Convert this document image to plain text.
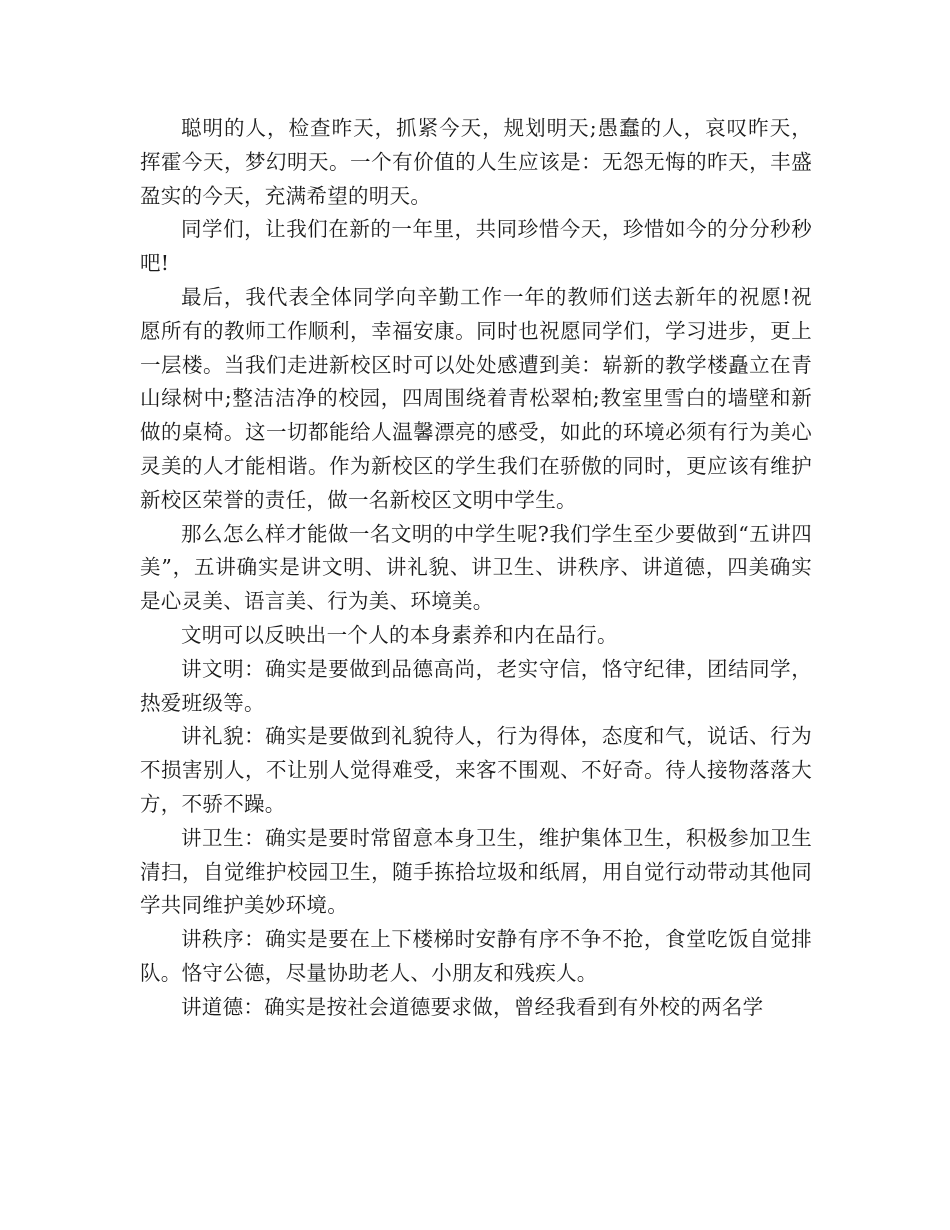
聪明的人，检查昨天，抓紧今天，规划明天;愚蠢的人，哀叹昨天，挥霍今天，梦幻明天。一个有价值的人生应该是：无怨无悔的昨天，丰盛盈实的今天，充满希望的明天。

同学们，让我们在新的一年里，共同珍惜今天，珍惜如今的分分秒秒吧!

最后，我代表全体同学向辛勤工作一年的教师们送去新年的祝愿!祝愿所有的教师工作顺利，幸福安康。同时也祝愿同学们，学习进步，更上一层楼。当我们走进新校区时可以处处感遭到美：崭新的教学楼矗立在青山绿树中;整洁洁净的校园，四周围绕着青松翠柏;教室里雪白的墙壁和新做的桌椅。这一切都能给人温馨漂亮的感受，如此的环境必须有行为美心灵美的人才能相谐。作为新校区的学生我们在骄傲的同时，更应该有维护新校区荣誉的责任，做一名新校区文明中学生。

那么怎么样才能做一名文明的中学生呢?我们学生至少要做到“五讲四美”，五讲确实是讲文明、讲礼貌、讲卫生、讲秩序、讲道德，四美确实是心灵美、语言美、行为美、环境美。

文明可以反映出一个人的本身素养和内在品行。

讲文明：确实是要做到品德高尚，老实守信，恪守纪律，团结同学，热爱班级等。

讲礼貌：确实是要做到礼貌待人，行为得体，态度和气，说话、行为不损害别人，不让别人觉得难受，来客不围观、不好奇。待人接物落落大方，不骄不躁。

讲卫生：确实是要时常留意本身卫生，维护集体卫生，积极参加卫生清扫，自觉维护校园卫生，随手拣拾垃圾和纸屑，用自觉行动带动其他同学共同维护美妙环境。

讲秩序：确实是要在上下楼梯时安静有序不争不抢，食堂吃饭自觉排队。恪守公德，尽量协助老人、小朋友和残疾人。

讲道德：确实是按社会道德要求做，曾经我看到有外校的两名学
